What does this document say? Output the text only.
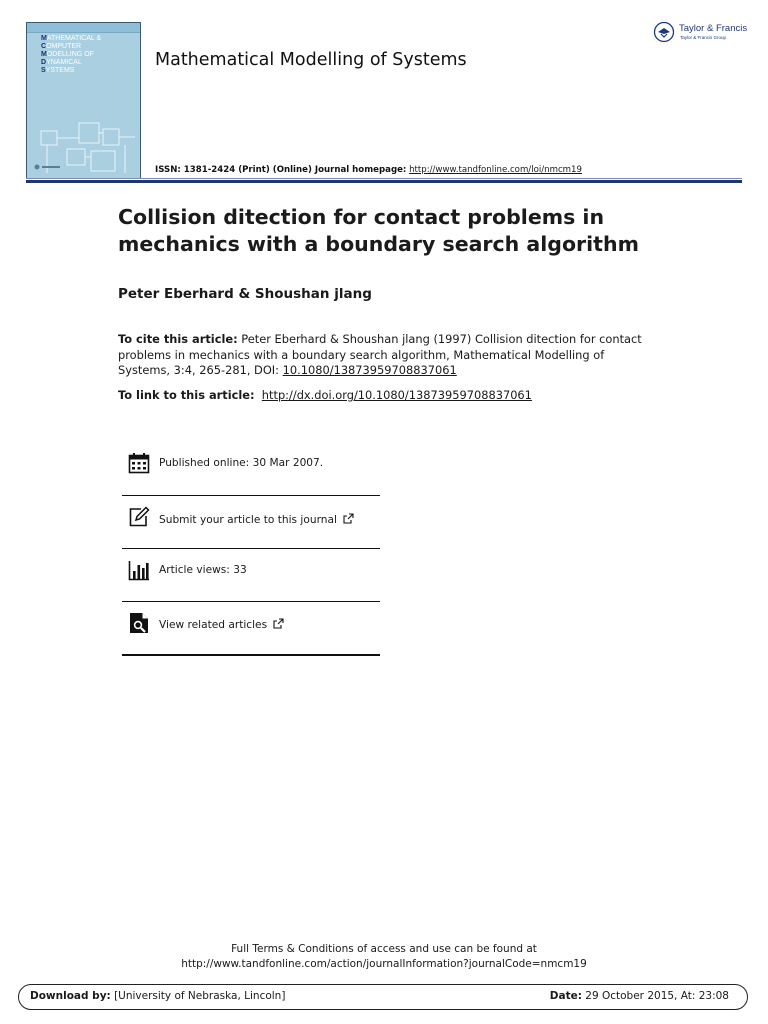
MATHEMATICAL &
COMPUTER
MODELLING OF
DYNAMICAL
SYSTEMS
Mathematical Modelling of Systems
ISSN: 1381-2424 (Print) (Online) Journal homepage: http://www.tandfonline.com/loi/nmcm19
Taylor & Francis
Taylor & Francis Group
Collision ditection for contact problems in mechanics with a boundary search algorithm
Peter Eberhard & Shoushan jlang
To cite this article: Peter Eberhard & Shoushan jlang (1997) Collision ditection for contact problems in mechanics with a boundary search algorithm, Mathematical Modelling of Systems, 3:4, 265-281, DOI: 10.1080/13873959708837061
To link to this article: http://dx.doi.org/10.1080/13873959708837061
Published online: 30 Mar 2007.
Submit your article to this journal
Article views: 33
View related articles
Full Terms & Conditions of access and use can be found at
http://www.tandfonline.com/action/journalInformation?journalCode=nmcm19
Download by: [University of Nebraska, Lincoln]	Date: 29 October 2015, At: 23:08
